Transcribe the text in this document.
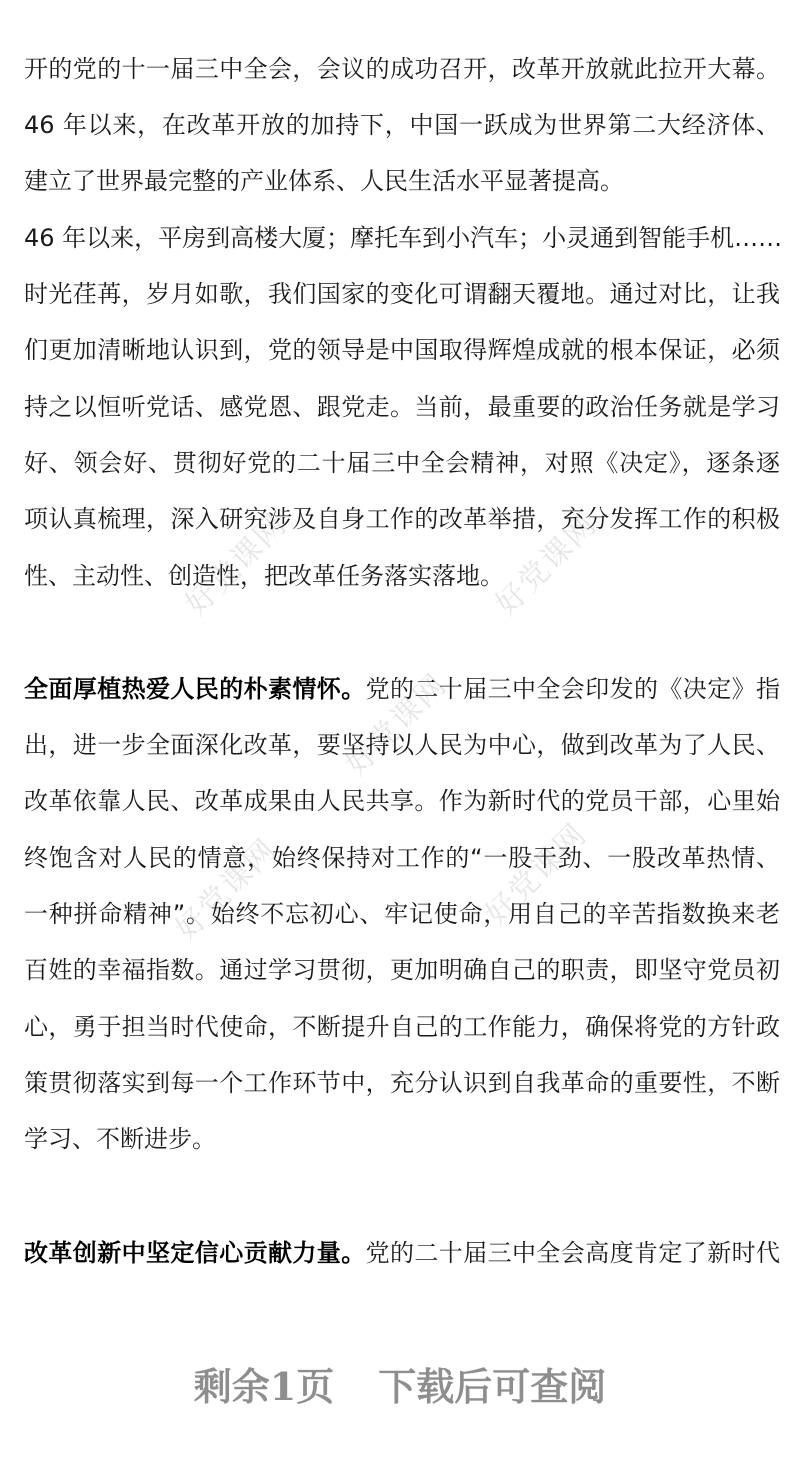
好党课网	好党课网
好党课网
好党课网	好党课网
开的党的十一届三中全会，会议的成功召开，改革开放就此拉开大幕。
46 年以来，在改革开放的加持下，中国一跃成为世界第二大经济体、
建立了世界最完整的产业体系、人民生活水平显著提高。
46 年以来，平房到高楼大厦；摩托车到小汽车；小灵通到智能手机……
时光荏苒，岁月如歌，我们国家的变化可谓翻天覆地。通过对比，让我
们更加清晰地认识到，党的领导是中国取得辉煌成就的根本保证，必须
持之以恒听党话、感党恩、跟党走。当前，最重要的政治任务就是学习
好、领会好、贯彻好党的二十届三中全会精神，对照《决定》，逐条逐
项认真梳理，深入研究涉及自身工作的改革举措，充分发挥工作的积极
性、主动性、创造性，把改革任务落实落地。
全面厚植热爱人民的朴素情怀。党的二十届三中全会印发的《决定》指
出，进一步全面深化改革，要坚持以人民为中心，做到改革为了人民、
改革依靠人民、改革成果由人民共享。作为新时代的党员干部，心里始
终饱含对人民的情意，始终保持对工作的“一股干劲、一股改革热情、
一种拼命精神”。始终不忘初心、牢记使命，用自己的辛苦指数换来老
百姓的幸福指数。通过学习贯彻，更加明确自己的职责，即坚守党员初
心，勇于担当时代使命，不断提升自己的工作能力，确保将党的方针政
策贯彻落实到每一个工作环节中，充分认识到自我革命的重要性，不断
学习、不断进步。
改革创新中坚定信心贡献力量。党的二十届三中全会高度肯定了新时代
剩余1页 下载后可查阅
